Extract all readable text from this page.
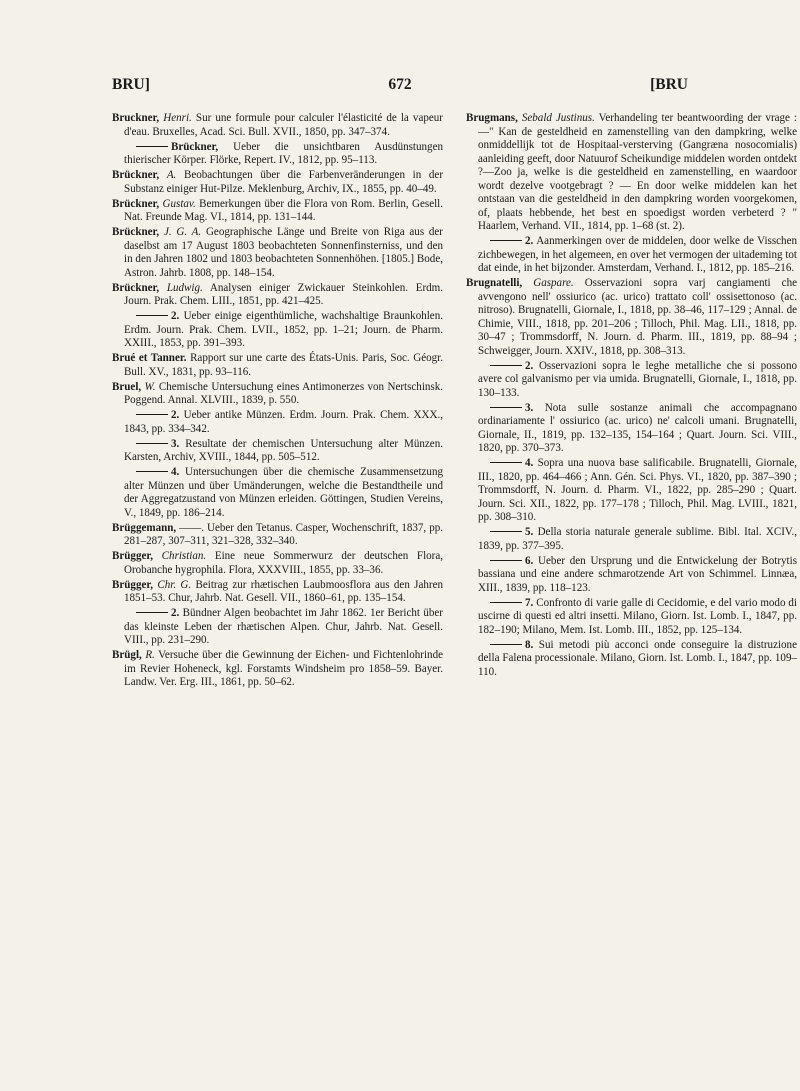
BRU]	672	[BRU

Bruckner, Henri. Sur une formule pour calculer l'élasticité de la vapeur d'eau. Bruxelles, Acad. Sci. Bull. XVII., 1850, pp. 347–374.

Brückner, Ueber die unsichtbaren Ausdünstungen thierischer Körper. Flörke, Repert. IV., 1812, pp. 95–113.

Brückner, A. Beobachtungen über die Farbenveränderungen in der Substanz einiger Hut-Pilze. Meklenburg, Archiv, IX., 1855, pp. 40–49.

Brückner, Gustav. Bemerkungen über die Flora von Rom. Berlin, Gesell. Nat. Freunde Mag. VI., 1814, pp. 131–144.

Brückner, J. G. A. Geographische Länge und Breite von Riga aus der daselbst am 17 August 1803 beobachteten Sonnenfinsterniss, und den in den Jahren 1802 und 1803 beobachteten Sonnenhöhen. [1805.] Bode, Astron. Jahrb. 1808, pp. 148–154.

Brückner, Ludwig. Analysen einiger Zwickauer Steinkohlen. Erdm. Journ. Prak. Chem. LIII., 1851, pp. 421–425.

2. Ueber einige eigenthümliche, wachshaltige Braunkohlen. Erdm. Journ. Prak. Chem. LVII., 1852, pp. 1–21; Journ. de Pharm. XXIII., 1853, pp. 391–393.

Brué et Tanner. Rapport sur une carte des États-Unis. Paris, Soc. Géogr. Bull. XV., 1831, pp. 93–116.

Bruel, W. Chemische Untersuchung eines Antimonerzes von Nertschinsk. Poggend. Annal. XLVIII., 1839, p. 550.

2. Ueber antike Münzen. Erdm. Journ. Prak. Chem. XXX., 1843, pp. 334–342.

3. Resultate der chemischen Untersuchung alter Münzen. Karsten, Archiv, XVIII., 1844, pp. 505–512.

4. Untersuchungen über die chemische Zusammensetzung alter Münzen und über Umänderungen, welche die Bestandtheile und der Aggregatzustand von Münzen erleiden. Göttingen, Studien Vereins, V., 1849, pp. 186–214.

Brüggemann, ——. Ueber den Tetanus. Casper, Wochenschrift, 1837, pp. 281–287, 307–311, 321–328, 332–340.

Brügger, Christian. Eine neue Sommerwurz der deutschen Flora, Orobanche hygrophila. Flora, XXXVIII., 1855, pp. 33–36.

Brügger, Chr. G. Beitrag zur rhætischen Laubmoosflora aus den Jahren 1851–53. Chur, Jahrb. Nat. Gesell. VII., 1860–61, pp. 135–154.

2. Bündner Algen beobachtet im Jahr 1862. 1er Bericht über das kleinste Leben der rhætischen Alpen. Chur, Jahrb. Nat. Gesell. VIII., pp. 231–290.

Brügl, R. Versuche über die Gewinnung der Eichen- und Fichtenlohrinde im Revier Hoheneck, kgl. Forstamts Windsheim pro 1858–59. Bayer. Landw. Ver. Erg. III., 1861, pp. 50–62.

Brugmans, Sebald Justinus. Verhandeling ter beantwoording der vrage :—" Kan de gesteldheid en zamenstelling van den dampkring, welke onmiddellijk tot de Hospitaal-versterving (Gangræna nosocomialis) aanleiding geeft, door Natuurof Scheikundige middelen worden ontdekt ?—Zoo ja, welke is die gesteldheid en zamenstelling, en waardoor wordt dezelve vootgebragt ? — En door welke middelen kan het ontstaan van die gesteldheid in den dampkring worden voorgekomen, of, plaats hebbende, het best en spoedigst worden verbeterd ? " Haarlem, Verhand. VII., 1814, pp. 1–68 (st. 2).

2. Aanmerkingen over de middelen, door welke de Visschen zichbewegen, in het algemeen, en over het vermogen der uitademing tot dat einde, in het bijzonder. Amsterdam, Verhand. I., 1812, pp. 185–216.

Brugnatelli, Gaspare. Osservazioni sopra varj cangiamenti che avvengono nell' ossiurico (ac. urico) trattato coll' ossisettonoso (ac. nitroso). Brugnatelli, Giornale, I., 1818, pp. 38–46, 117–129 ; Annal. de Chimie, VIII., 1818, pp. 201–206 ; Tilloch, Phil. Mag. LII., 1818, pp. 30–47 ; Trommsdorff, N. Journ. d. Pharm. III., 1819, pp. 88–94 ; Schweigger, Journ. XXIV., 1818, pp. 308–313.

2. Osservazioni sopra le leghe metalliche che si possono avere col galvanismo per via umida. Brugnatelli, Giornale, I., 1818, pp. 130–133.

3. Nota sulle sostanze animali che accompagnano ordinariamente l' ossiurico (ac. urico) ne' calcoli umani. Brugnatelli, Giornale, II., 1819, pp. 132–135, 154–164 ; Quart. Journ. Sci. VIII., 1820, pp. 370–373.

4. Sopra una nuova base salificabile. Brugnatelli, Giornale, III., 1820, pp. 464–466 ; Ann. Gén. Sci. Phys. VI., 1820, pp. 387–390 ; Trommsdorff, N. Journ. d. Pharm. VI., 1822, pp. 285–290 ; Quart. Journ. Sci. XII., 1822, pp. 177–178 ; Tilloch, Phil. Mag. LVIII., 1821, pp. 308–310.

5. Della storia naturale generale sublime. Bibl. Ital. XCIV., 1839, pp. 377–395.

6. Ueber den Ursprung und die Entwickelung der Botrytis bassiana und eine andere schmarotzende Art von Schimmel. Linnæa, XIII., 1839, pp. 118–123.

7. Confronto di varie galle di Cecidomie, e del vario modo di uscirne di questi ed altri insetti. Milano, Giorn. Ist. Lomb. I., 1847, pp. 182–190; Milano, Mem. Ist. Lomb. III., 1852, pp. 125–134.

8. Sui metodi più acconci onde conseguire la distruzione della Falena processionale. Milano, Giorn. Ist. Lomb. I., 1847, pp. 109–110.
